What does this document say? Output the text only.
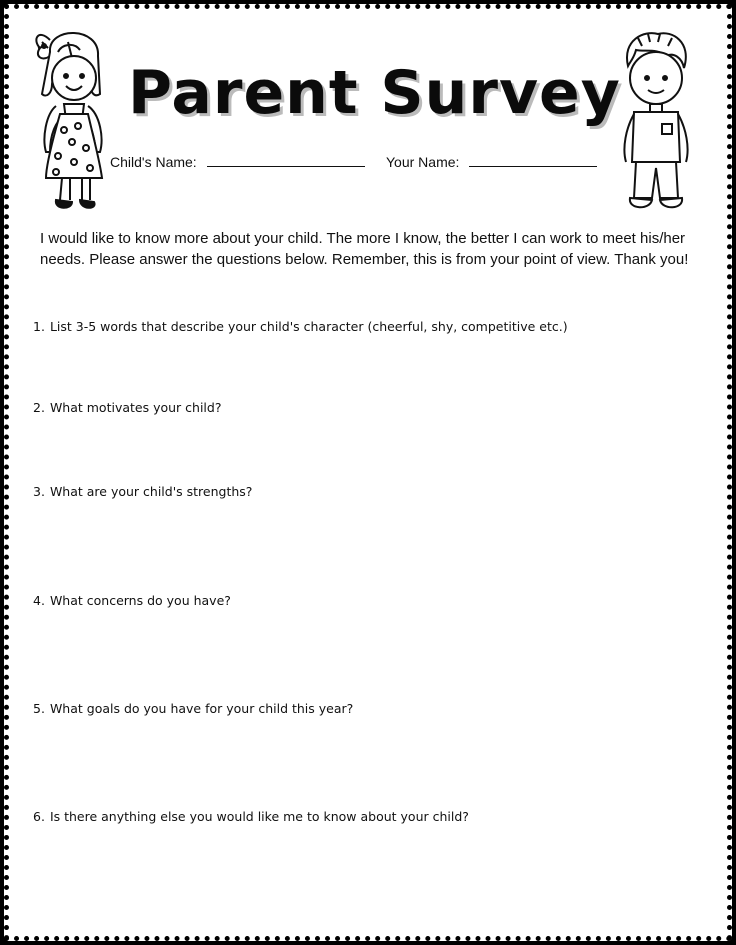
Parent Survey
Child's Name:	Your Name:
I would like to know more about your child. The more I know, the better I can work to meet his/her needs. Please answer the questions below. Remember, this is from your point of view. Thank you!
1. List 3-5 words that describe your child's character (cheerful, shy, competitive etc.)
2. What motivates your child?
3. What are your child's strengths?
4. What concerns do you have?
5. What goals do you have for your child this year?
6. Is there anything else you would like me to know about your child?
